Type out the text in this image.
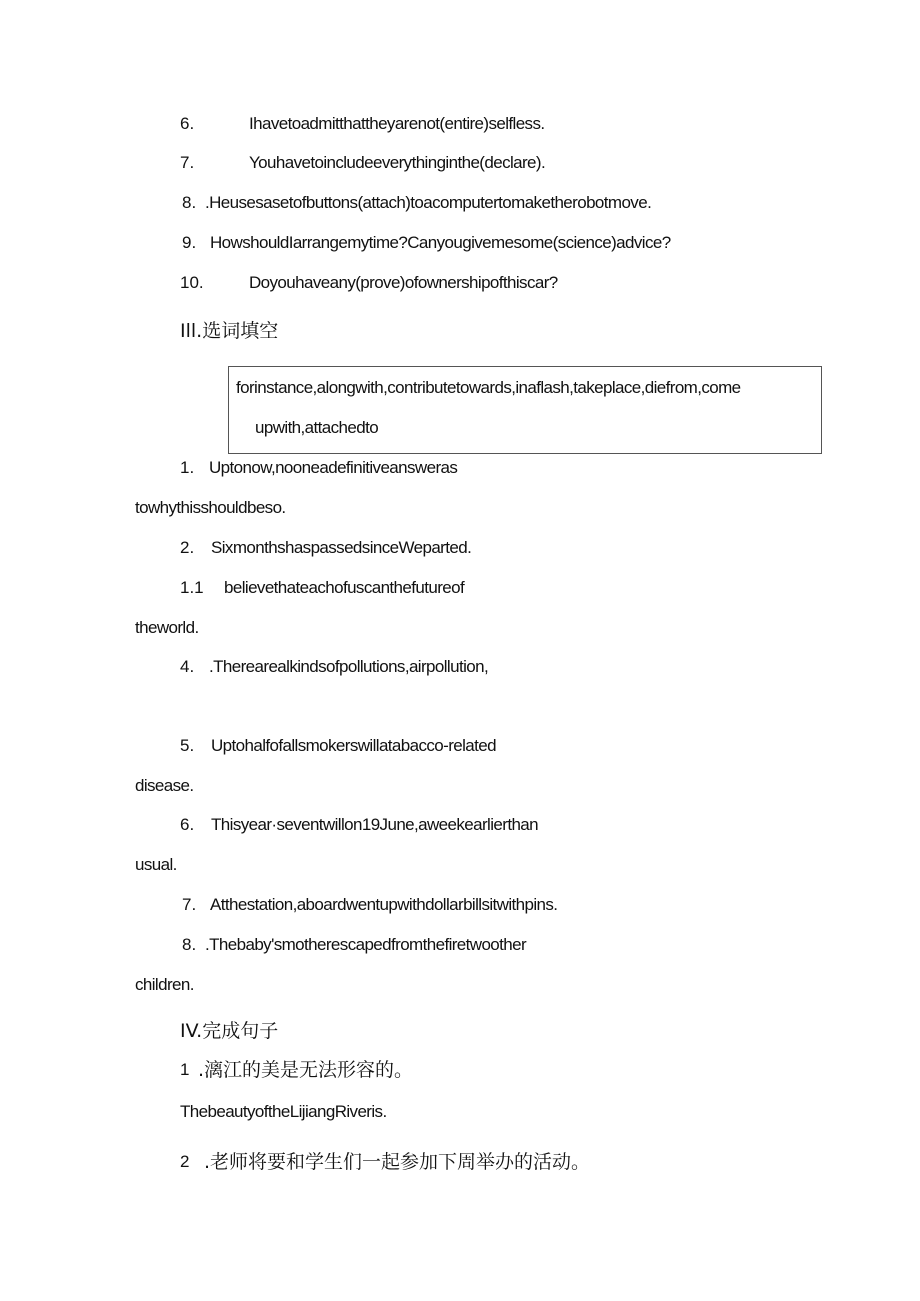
6.	Ihavetoadmitthattheyarenot(entire)selfless.
7.	Youhavetoincludeeverythinginthe(declare).
8. .Heusesasetofbuttons(attach)toacomputertomaketherobotmove.
9. HowshouldIarrangemytime?Canyougivemesome(science)advice?
10.	Doyouhaveany(prove)ofownershipofthiscar?
Ill.选词填空
forinstance,alongwith,contributetowards,inaflash,takeplace,diefrom,come
upwith,attachedto
1. Uptonow,nooneadefinitiveansweras
towhythisshouldbeso.
2. SixmonthshaspassedsinceWeparted.
1.1 believethateachofuscanthefutureof
theworld.
4. .Therearealkindsofpollutions,airpollution,
5. Uptohalfofallsmokerswillatabacco-related
disease.
6. Thisyear·seventwillon19June,aweekearlierthan
usual.
7. Atthestation,aboardwentupwithdollarbillsitwithpins.
8. .Thebaby'smotherescapedfromthefiretwoother
children.
IV.完成句子
1 .漓江的美是无法形容的。
ThebeautyoftheLijiangRiveris.
2 .老师将要和学生们一起参加下周举办的活动。
